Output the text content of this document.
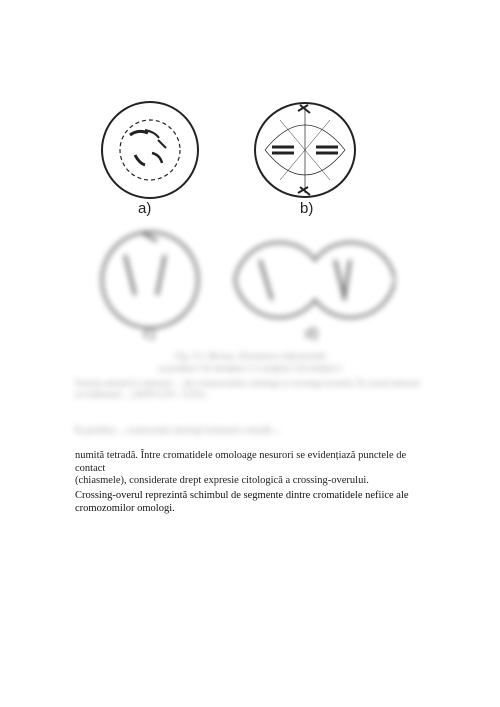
a)	b)
c)	d)
Fig. 3.5. Meioza. Diviziunea reducțională
a) profaza I b) metafaza I c) anafaza I d) telofaza I
Funcția meiotică a meiozei ... ale cromozomilor omologi și crossing-overului. În cursul meiozei se realizează ... (ADN 0,3% - 0,5%).
În pachiten ... cromozomii omologi formează o tetradă ...
numită tetradă. Între cromatidele omoloage nesurori se evidențiază punctele de contact
(chiasmele), considerate drept expresie citologică a crossing-overului.
Crossing-overul reprezintă schimbul de segmente dintre cromatidele nefiice ale
cromozomilor omologi.
